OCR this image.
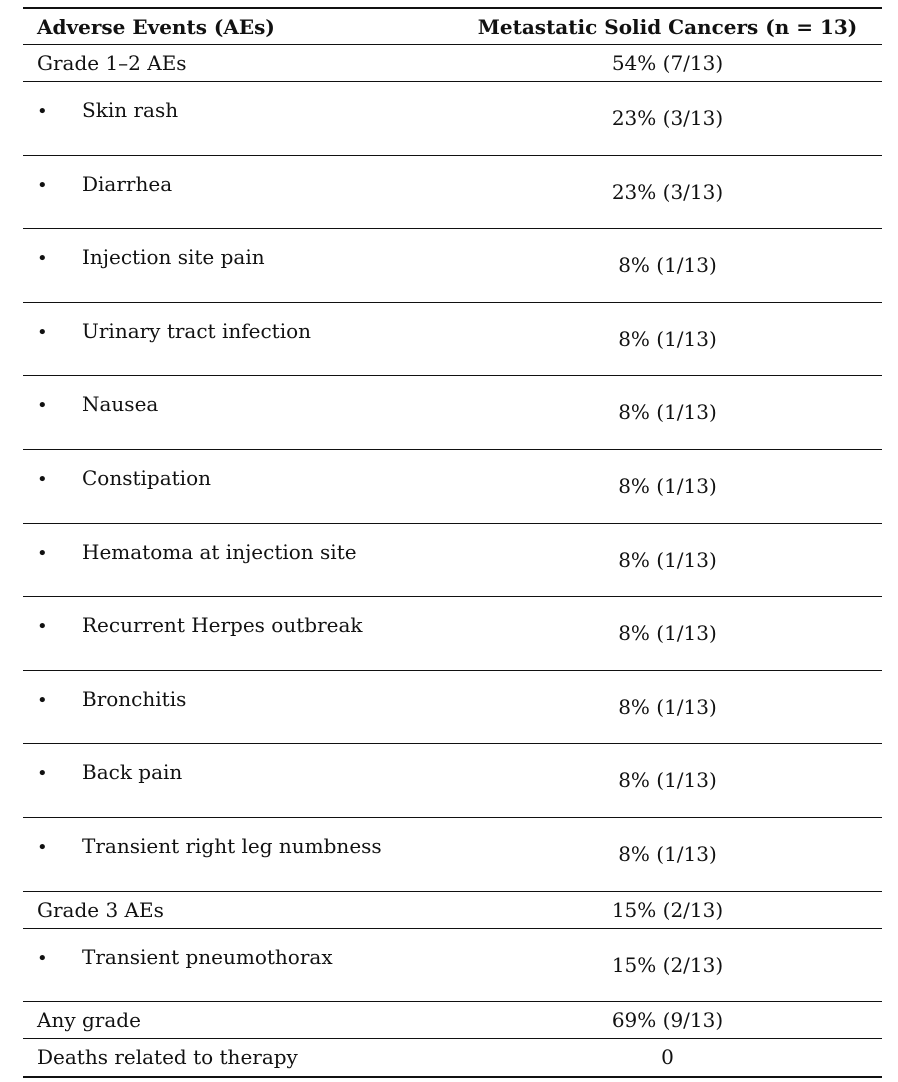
Adverse Events (AEs)	Metastatic Solid Cancers (n = 13)
Grade 1–2 AEs	54% (7/13)
• Skin rash	23% (3/13)
• Diarrhea	23% (3/13)
• Injection site pain	8% (1/13)
• Urinary tract infection	8% (1/13)
• Nausea	8% (1/13)
• Constipation	8% (1/13)
• Hematoma at injection site	8% (1/13)
• Recurrent Herpes outbreak	8% (1/13)
• Bronchitis	8% (1/13)
• Back pain	8% (1/13)
• Transient right leg numbness	8% (1/13)
Grade 3 AEs	15% (2/13)
• Transient pneumothorax	15% (2/13)
Any grade	69% (9/13)
Deaths related to therapy	0
